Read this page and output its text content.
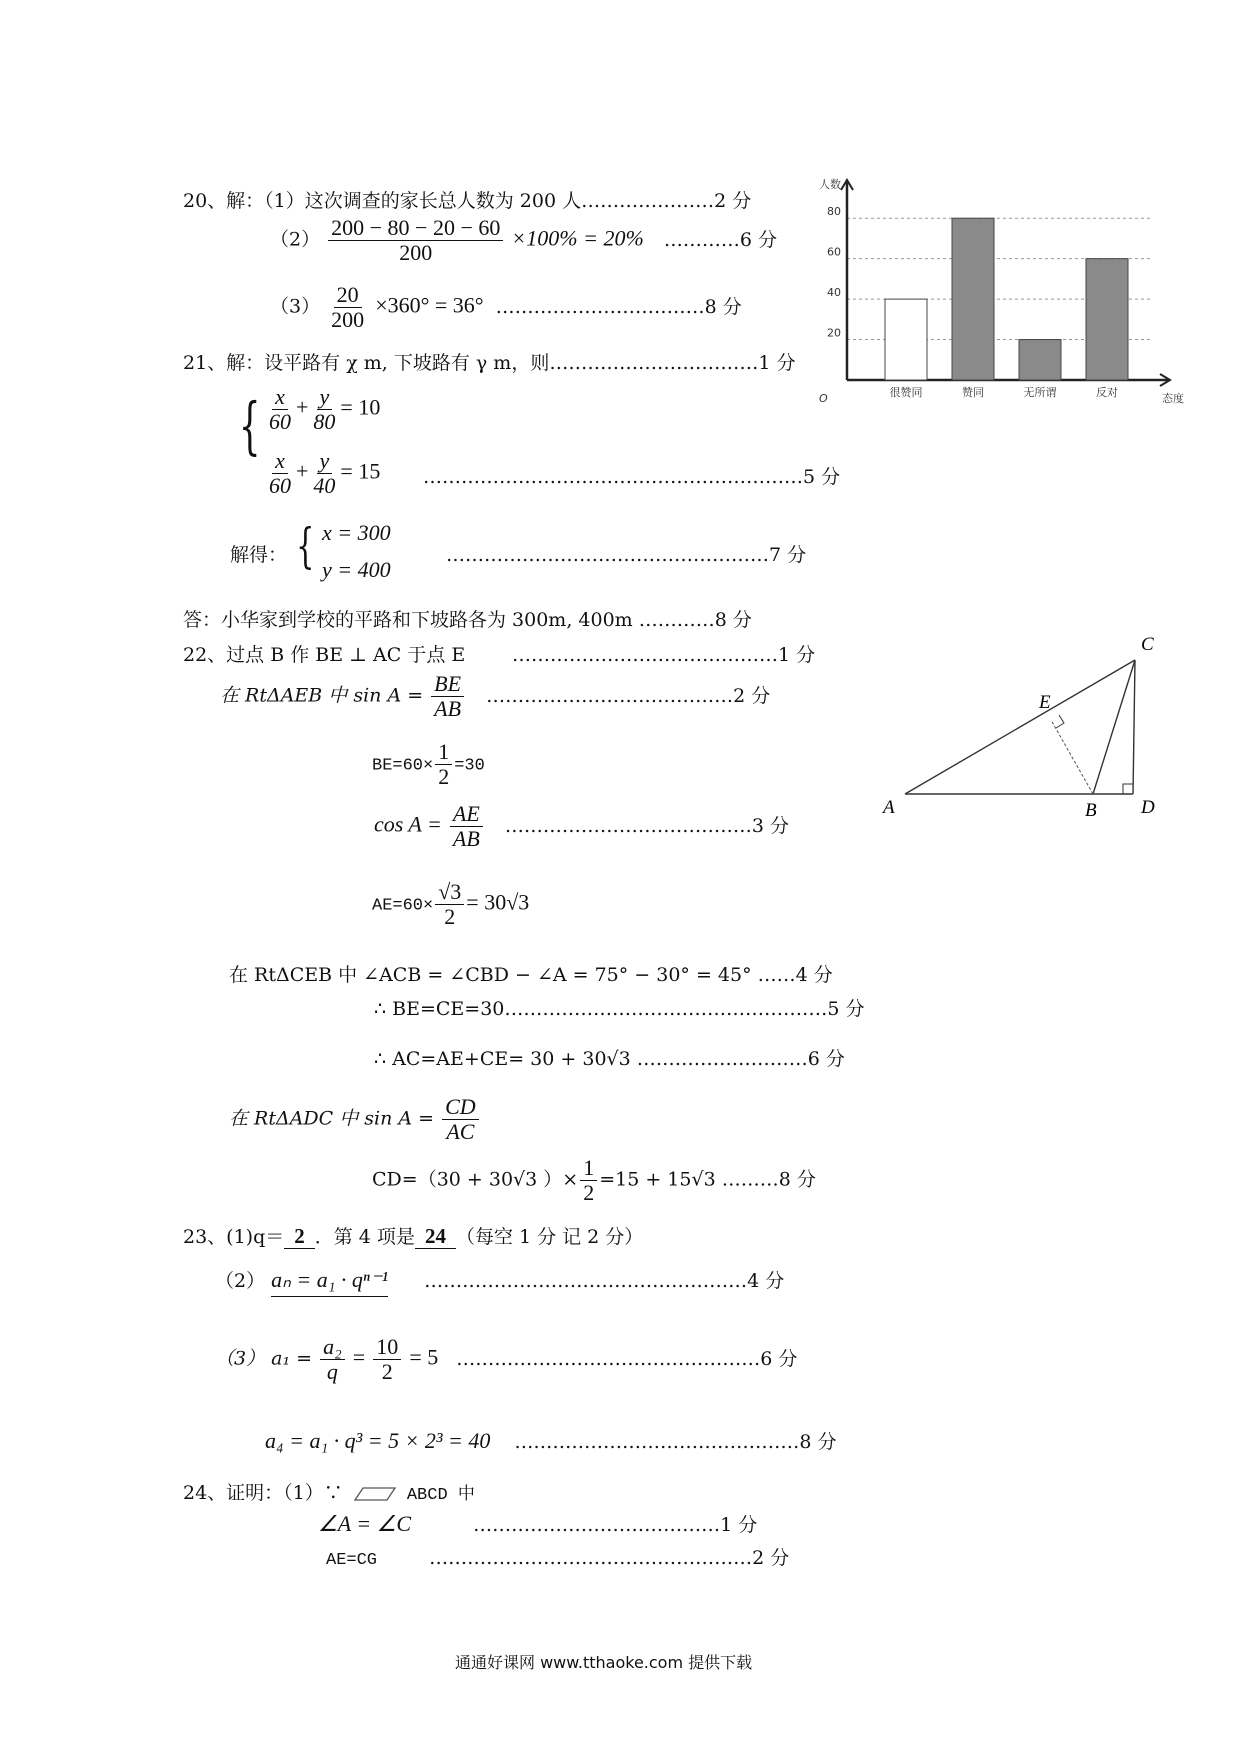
20、解：（1）这次调查的家长总人数为 200 人…………………2 分
$(2) \frac{200 - 80 - 20 - 60}{200} \times 100\% = 20\%$ …………6 分
$(3) \frac{20}{200} \times 360^\circ = 36^\circ$ ……………………………8 分
20
40
60
80
人数
态度
O	很赞同	赞同	无所谓	反对
21、解：设平路有 χ m, 下坡路有 γ m，则……………………………1 分
{ $\frac{x}{60} + \frac{y}{80} = 10$
$\frac{x}{60} + \frac{y}{40} = 15$ ……………………………………………………5 分
解得： { x = 300
y = 400
……………………………………………7 分
答：小华家到学校的平路和下坡路各为 300m, 400m …………8 分
22、过点 B 作 BE ⊥ AC 于点 E ……………………………………1 分
在 RtΔAEB 中 $\sin A = \frac{BE}{AB}$ …………………………………2 分
$BE=60\times \frac{1}{2} =30$
$\cos A = \frac{AE}{AB}$ …………………………………3 分
$AE=60\times \frac{√3}{2} = 30√3$
在 RtΔCEB 中 ∠ACB = ∠CBD − ∠A = 75° − 30° = 45° ……4 分
∴ BE=CE=30……………………………………………5 分
∴ AC=AE+CE= 30 + 30√3 ………………………6 分
在 RtΔADC 中 $\sin A = \frac{CD}{AC}$
CD=（30 + 30√3 ）× $\frac{1}{2} =15 + 15√3$ ………8 分
A	B
C
D
E
23、(1)q＝ 2 ．第 4 项是 24 （每空 1 分 记 2 分）
（2） aₙ = a₁ · qⁿ⁻¹ ……………………………………………4 分
（3） $a_1 = \frac{\text{a₂}}{q} = \frac{10}{2} = 5$ …………………………………………6 分
a₄ = a₁ · q³ = 5 × 2³ = 40 ………………………………………8 分
24、证明：（1）∵	ABCD 中
∠A = ∠C	…………………………………1 分
AE=CG	……………………………………………2 分
通通好课网 www.tthaoke.com 提供下载
